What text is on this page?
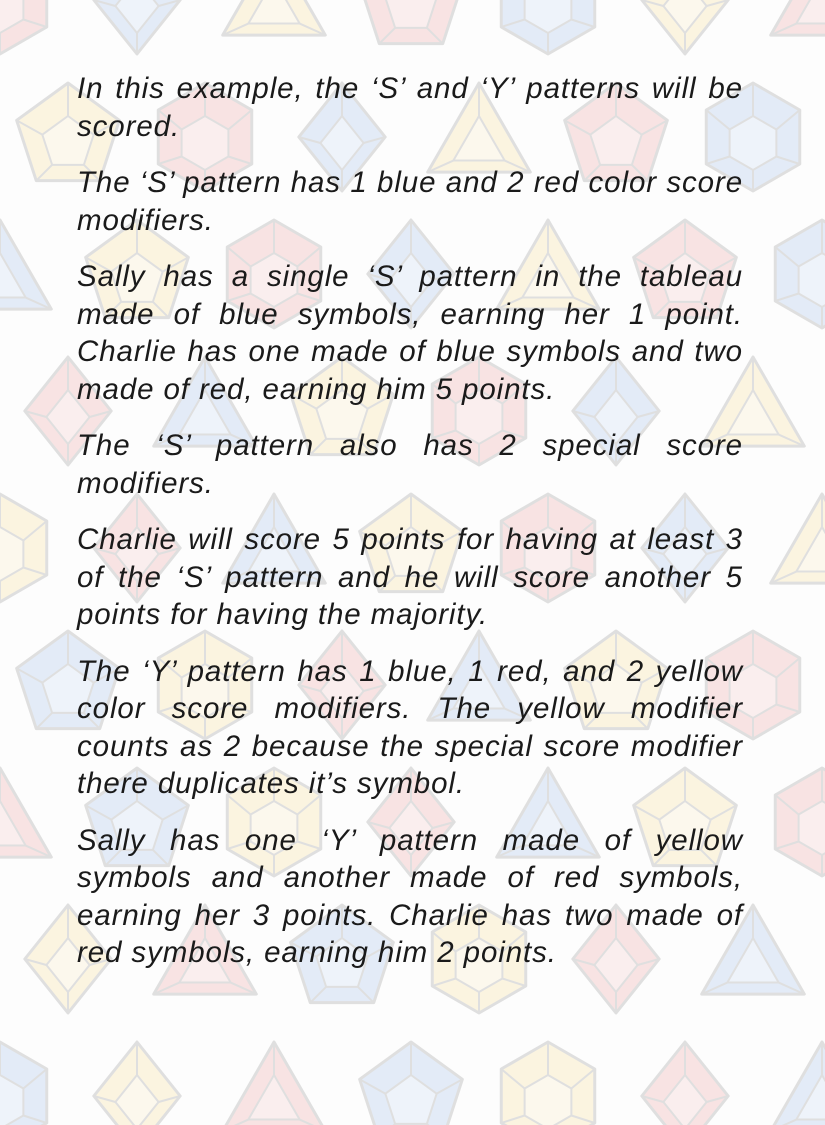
In this example, the ‘S’ and ‘Y’ patterns will be scored.

The ‘S’ pattern has 1 blue and 2 red color score modifiers.

Sally has a single ‘S’ pattern in the tableau made of blue symbols, earning her 1 point. Charlie has one made of blue symbols and two made of red, earning him 5 points.

The ‘S’ pattern also has 2 special score modifiers.

Charlie will score 5 points for having at least 3 of the ‘S’ pattern and he will score another 5 points for having the majority.

The ‘Y’ pattern has 1 blue, 1 red, and 2 yellow color score modifiers. The yellow modifier counts as 2 because the special score modifier there duplicates it’s symbol.

Sally has one ‘Y’ pattern made of yellow symbols and another made of red symbols, earning her 3 points. Charlie has two made of red symbols, earning him 2 points.
